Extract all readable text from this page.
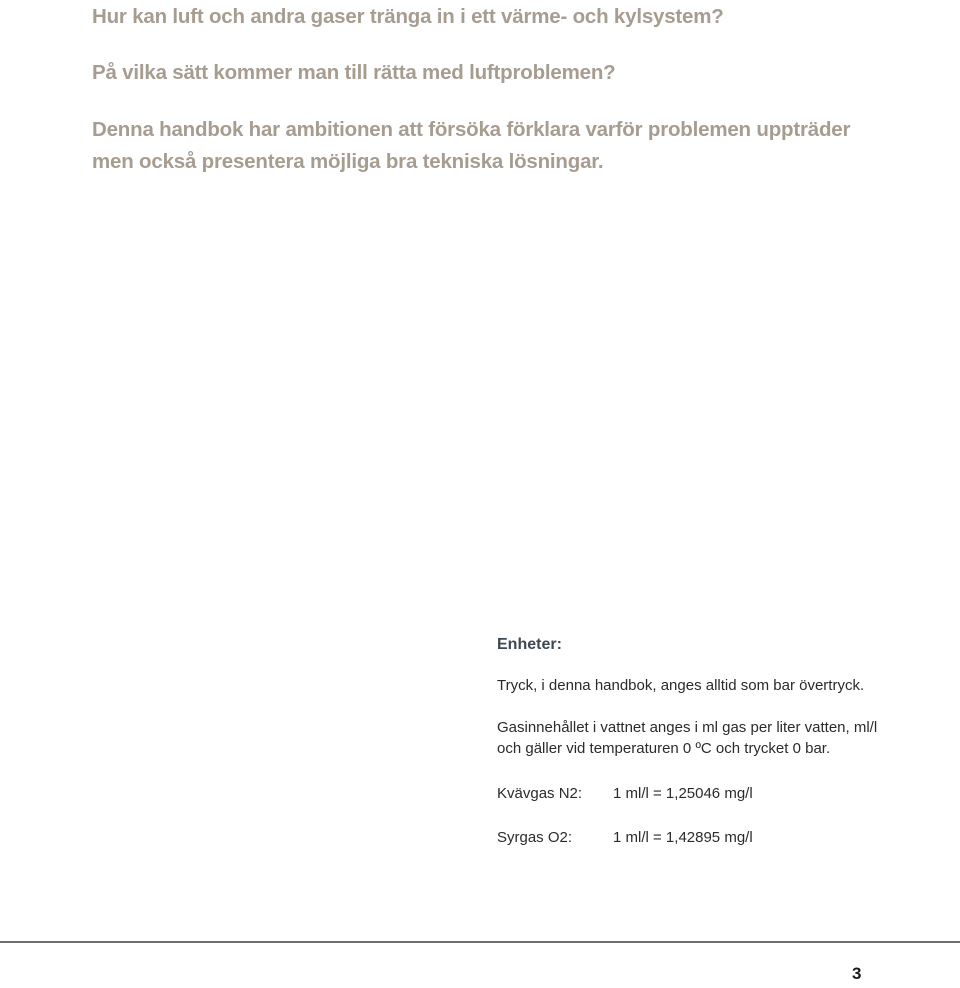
Hur kan luft och andra gaser tränga in i ett värme- och kylsystem?
På vilka sätt kommer man till rätta med luftproblemen?

Denna handbok har ambitionen att försöka förklara varför problemen uppträder
men också presentera möjliga bra tekniska lösningar.

Enheter:

Tryck, i denna handbok, anges alltid som bar övertryck.

Gasinnehållet i vattnet anges i ml gas per liter vatten, ml/l
och gäller vid temperaturen 0 ºC och trycket 0 bar.

Kvävgas N2: 1 ml/l = 1,25046 mg/l
Syrgas O2:	1 ml/l = 1,42895 mg/l
3
